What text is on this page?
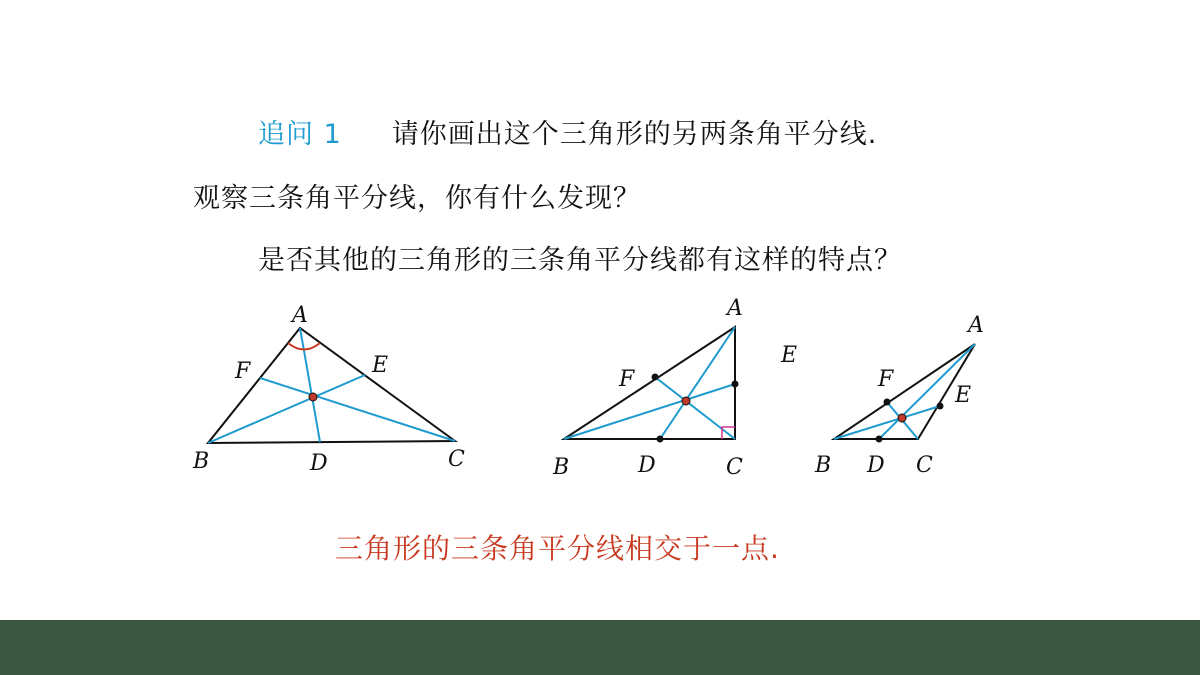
追问 1 请你画出这个三角形的另两条角平分线.
观察三条角平分线，你有什么发现？
是否其他的三角形的三条角平分线都有这样的特点？
A
B	C
D
E
F
A
B	C
D
E
F
A
B	C
D
E
F
三角形的三条角平分线相交于一点.
